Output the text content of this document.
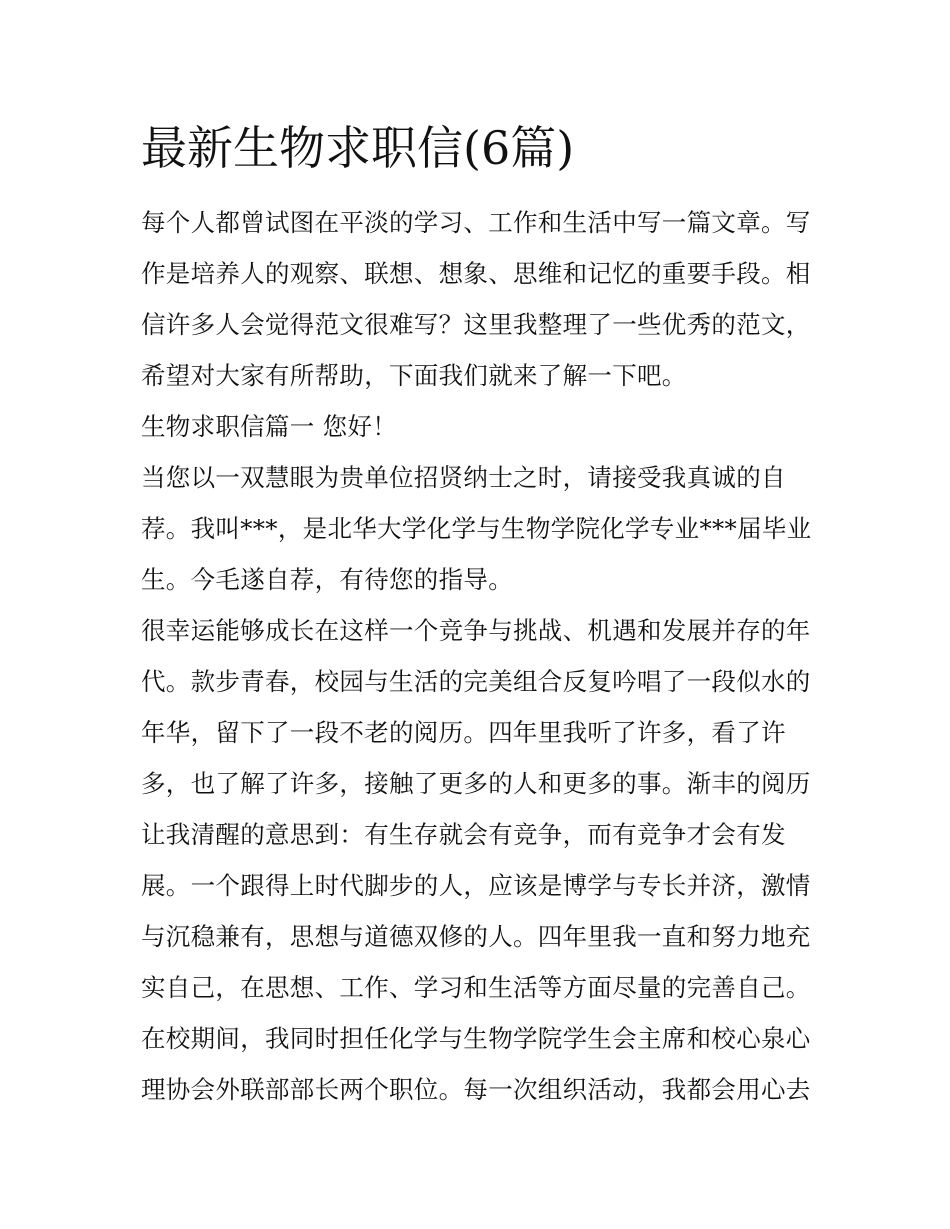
最新生物求职信(6篇)
每个人都曾试图在平淡的学习、工作和生活中写一篇文章。写
作是培养人的观察、联想、想象、思维和记忆的重要手段。相
信许多人会觉得范文很难写？这里我整理了一些优秀的范文，
希望对大家有所帮助，下面我们就来了解一下吧。
生物求职信篇一 您好！
当您以一双慧眼为贵单位招贤纳士之时，请接受我真诚的自
荐。我叫***，是北华大学化学与生物学院化学专业***届毕业
生。今毛遂自荐，有待您的指导。
很幸运能够成长在这样一个竞争与挑战、机遇和发展并存的年
代。款步青春，校园与生活的完美组合反复吟唱了一段似水的
年华，留下了一段不老的阅历。四年里我听了许多，看了许
多，也了解了许多，接触了更多的人和更多的事。渐丰的阅历
让我清醒的意思到：有生存就会有竞争，而有竞争才会有发
展。一个跟得上时代脚步的人，应该是博学与专长并济，激情
与沉稳兼有，思想与道德双修的人。四年里我一直和努力地充
实自己，在思想、工作、学习和生活等方面尽量的完善自己。
在校期间，我同时担任化学与生物学院学生会主席和校心泉心
理协会外联部部长两个职位。每一次组织活动，我都会用心去
